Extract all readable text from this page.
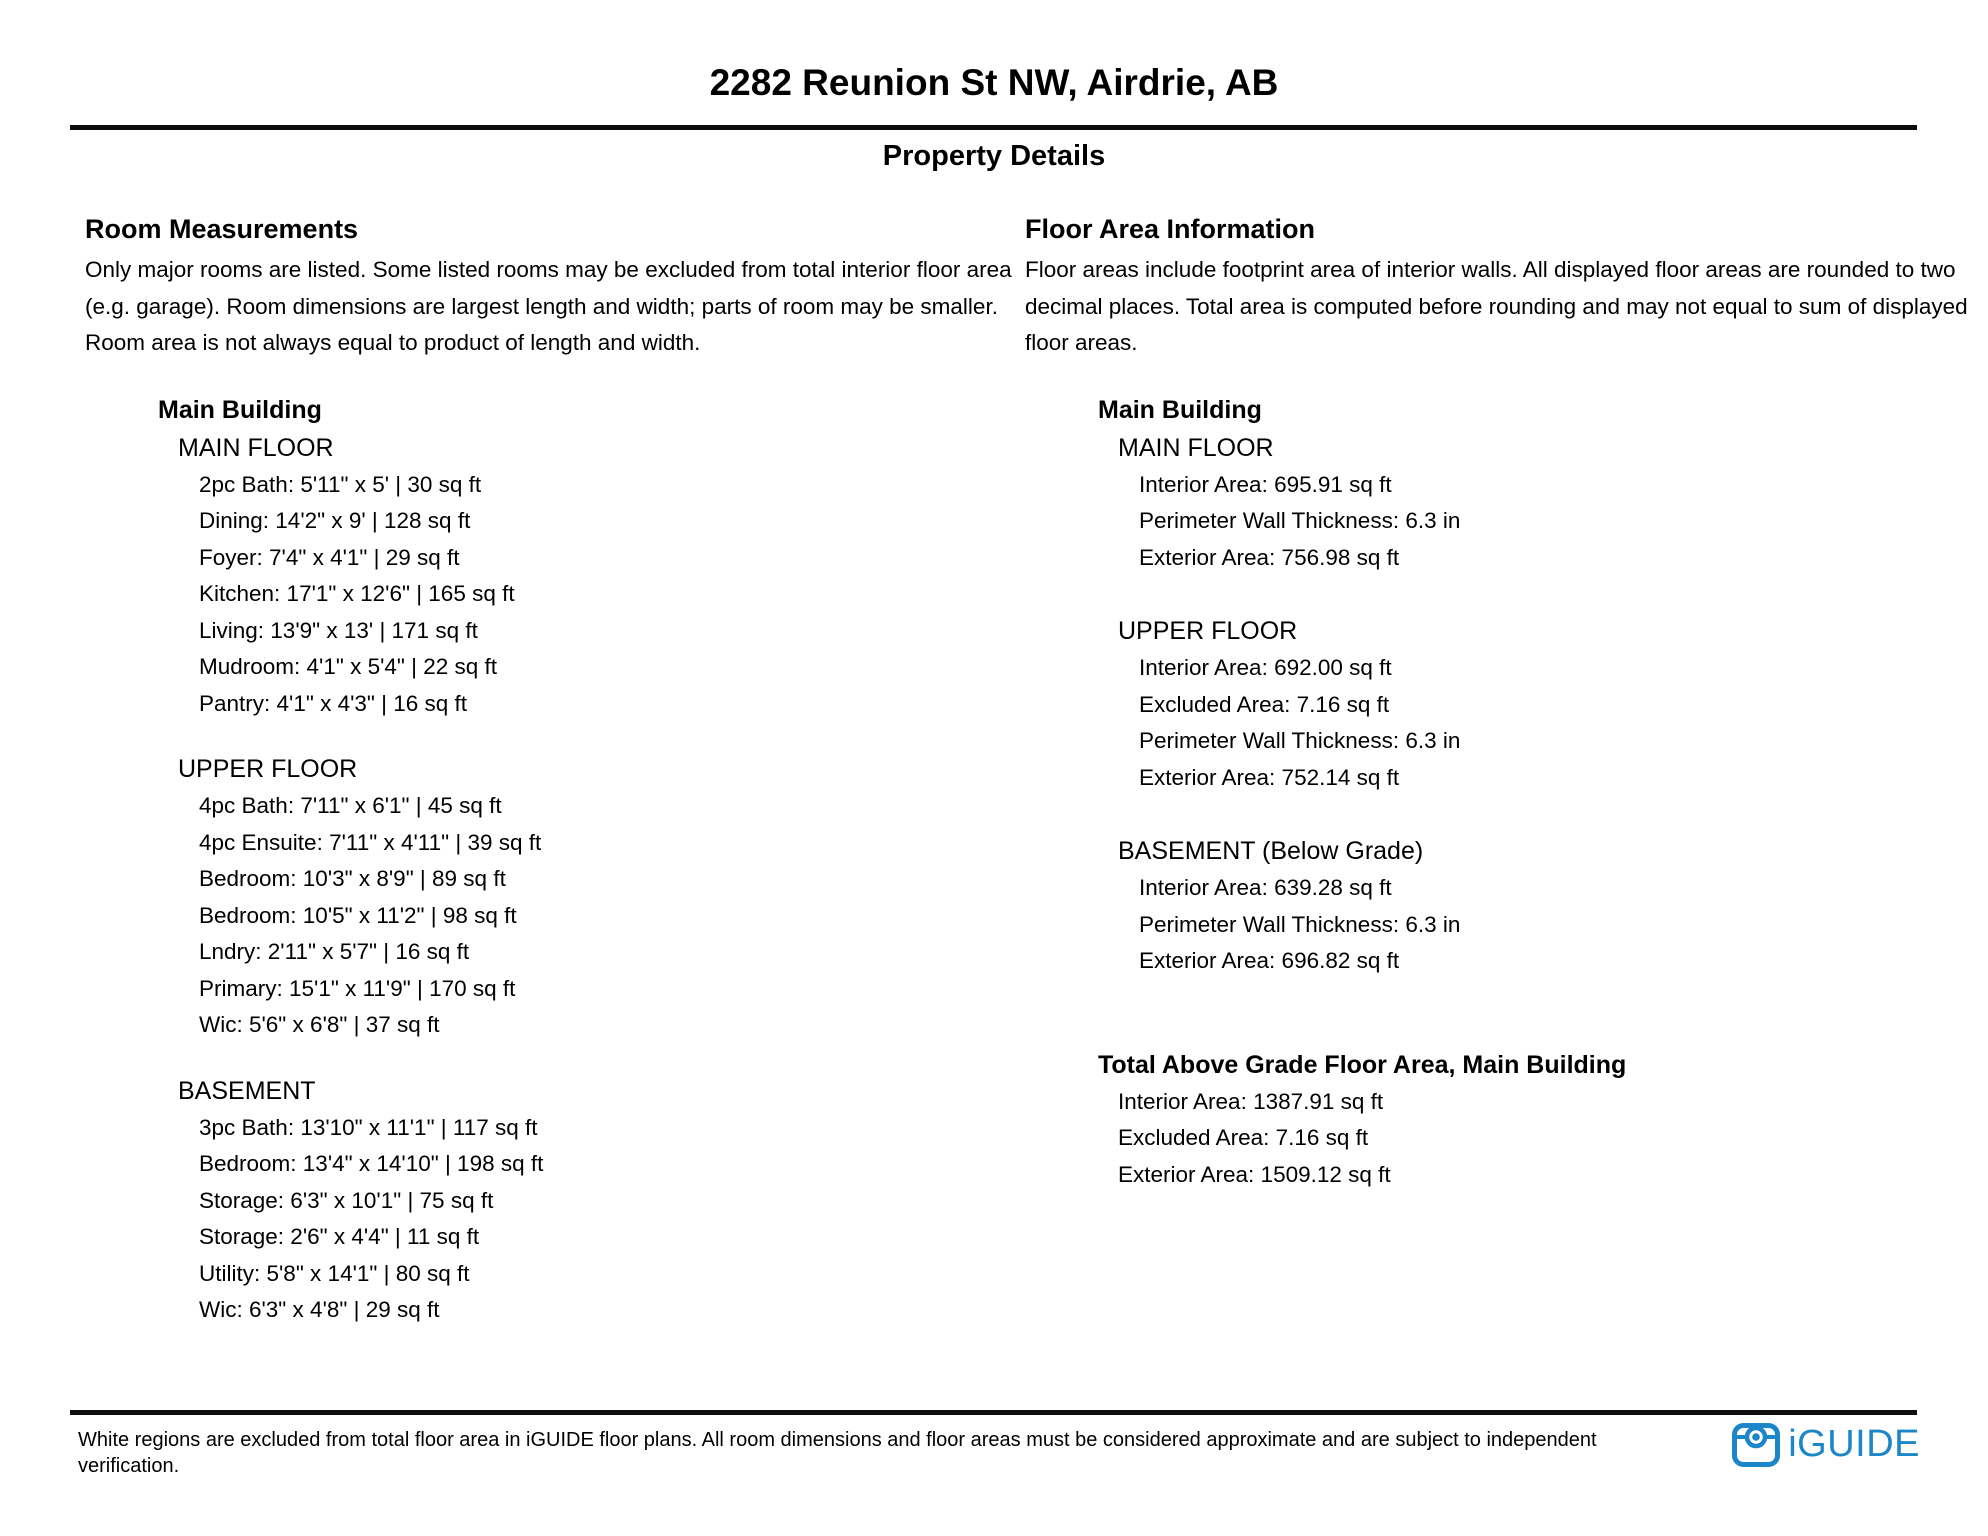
2282 Reunion St NW, Airdrie, AB
Property Details
Room Measurements
Only major rooms are listed. Some listed rooms may be excluded from total interior floor area
(e.g. garage). Room dimensions are largest length and width; parts of room may be smaller.
Room area is not always equal to product of length and width.
Main Building
MAIN FLOOR
2pc Bath: 5'11" x 5' | 30 sq ft
Dining: 14'2" x 9' | 128 sq ft
Foyer: 7'4" x 4'1" | 29 sq ft
Kitchen: 17'1" x 12'6" | 165 sq ft
Living: 13'9" x 13' | 171 sq ft
Mudroom: 4'1" x 5'4" | 22 sq ft
Pantry: 4'1" x 4'3" | 16 sq ft
UPPER FLOOR
4pc Bath: 7'11" x 6'1" | 45 sq ft
4pc Ensuite: 7'11" x 4'11" | 39 sq ft
Bedroom: 10'3" x 8'9" | 89 sq ft
Bedroom: 10'5" x 11'2" | 98 sq ft
Lndry: 2'11" x 5'7" | 16 sq ft
Primary: 15'1" x 11'9" | 170 sq ft
Wic: 5'6" x 6'8" | 37 sq ft
BASEMENT
3pc Bath: 13'10" x 11'1" | 117 sq ft
Bedroom: 13'4" x 14'10" | 198 sq ft
Storage: 6'3" x 10'1" | 75 sq ft
Storage: 2'6" x 4'4" | 11 sq ft
Utility: 5'8" x 14'1" | 80 sq ft
Wic: 6'3" x 4'8" | 29 sq ft
Floor Area Information
Floor areas include footprint area of interior walls. All displayed floor areas are rounded to two
decimal places. Total area is computed before rounding and may not equal to sum of displayed
floor areas.
Main Building
MAIN FLOOR
Interior Area: 695.91 sq ft
Perimeter Wall Thickness: 6.3 in
Exterior Area: 756.98 sq ft
UPPER FLOOR
Interior Area: 692.00 sq ft
Excluded Area: 7.16 sq ft
Perimeter Wall Thickness: 6.3 in
Exterior Area: 752.14 sq ft
BASEMENT (Below Grade)
Interior Area: 639.28 sq ft
Perimeter Wall Thickness: 6.3 in
Exterior Area: 696.82 sq ft
Total Above Grade Floor Area, Main Building
Interior Area: 1387.91 sq ft
Excluded Area: 7.16 sq ft
Exterior Area: 1509.12 sq ft
White regions are excluded from total floor area in iGUIDE floor plans. All room dimensions and floor areas must be considered approximate and are subject to independent verification.
iGUIDE
